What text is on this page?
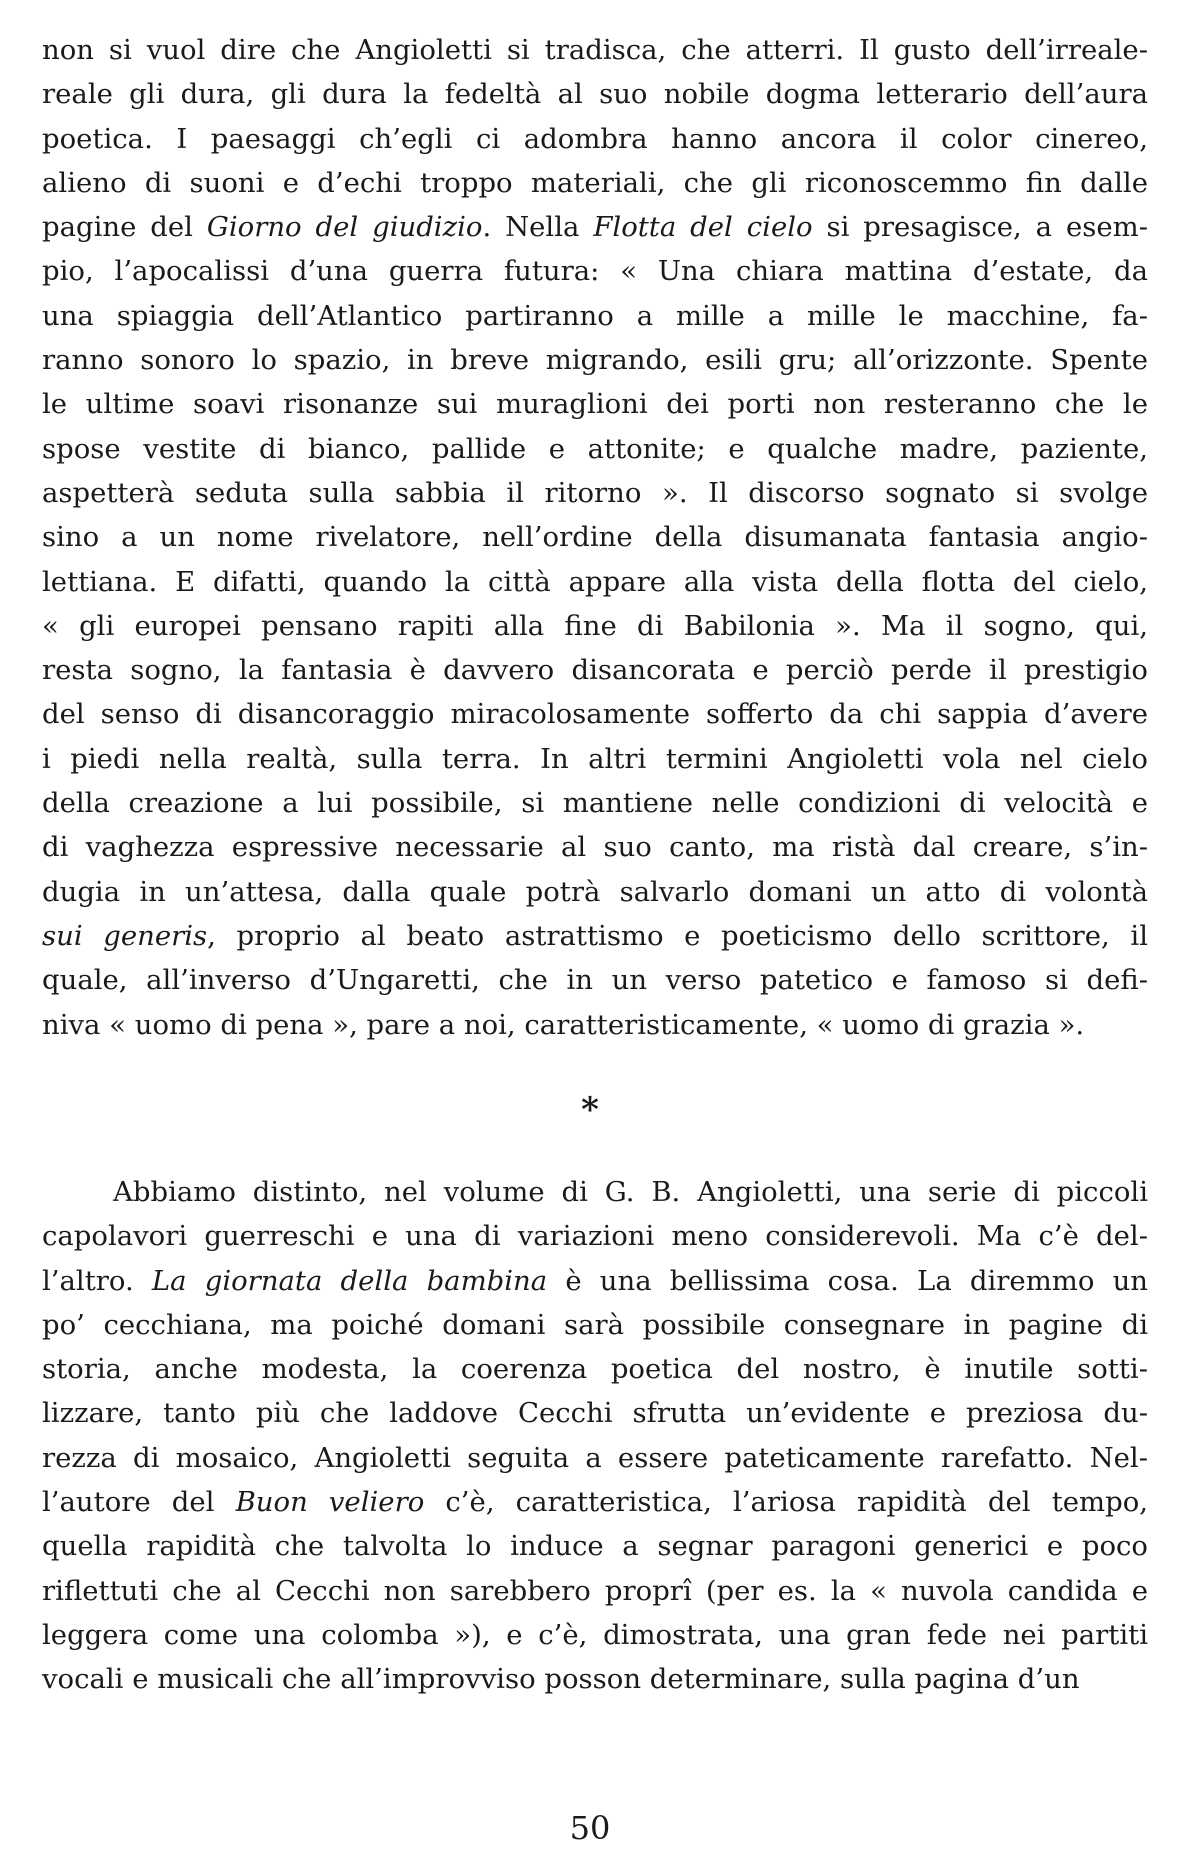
non si vuol dire che Angioletti si tradisca, che atterri. Il gusto dell’irreale-
reale gli dura, gli dura la fedeltà al suo nobile dogma letterario dell’aura
poetica. I paesaggi ch’egli ci adombra hanno ancora il color cinereo,
alieno di suoni e d’echi troppo materiali, che gli riconoscemmo fin dalle
pagine del Giorno del giudizio. Nella Flotta del cielo si presagisce, a esem-
pio, l’apocalissi d’una guerra futura: « Una chiara mattina d’estate, da
una spiaggia dell’Atlantico partiranno a mille a mille le macchine, fa-
ranno sonoro lo spazio, in breve migrando, esili gru; all’orizzonte. Spente
le ultime soavi risonanze sui muraglioni dei porti non resteranno che le
spose vestite di bianco, pallide e attonite; e qualche madre, paziente,
aspetterà seduta sulla sabbia il ritorno ». Il discorso sognato si svolge
sino a un nome rivelatore, nell’ordine della disumanata fantasia angio-
lettiana. E difatti, quando la città appare alla vista della flotta del cielo,
« gli europei pensano rapiti alla fine di Babilonia ». Ma il sogno, qui,
resta sogno, la fantasia è davvero disancorata e perciò perde il prestigio
del senso di disancoraggio miracolosamente sofferto da chi sappia d’avere
i piedi nella realtà, sulla terra. In altri termini Angioletti vola nel cielo
della creazione a lui possibile, si mantiene nelle condizioni di velocità e
di vaghezza espressive necessarie al suo canto, ma ristà dal creare, s’in-
dugia in un’attesa, dalla quale potrà salvarlo domani un atto di volontà
sui generis, proprio al beato astrattismo e poeticismo dello scrittore, il
quale, all’inverso d’Ungaretti, che in un verso patetico e famoso si defi-
niva « uomo di pena », pare a noi, caratteristicamente, « uomo di grazia ».
*
Abbiamo distinto, nel volume di G. B. Angioletti, una serie di piccoli
capolavori guerreschi e una di variazioni meno considerevoli. Ma c’è del-
l’altro. La giornata della bambina è una bellissima cosa. La diremmo un
po’ cecchiana, ma poiché domani sarà possibile consegnare in pagine di
storia, anche modesta, la coerenza poetica del nostro, è inutile sotti-
lizzare, tanto più che laddove Cecchi sfrutta un’evidente e preziosa du-
rezza di mosaico, Angioletti seguita a essere pateticamente rarefatto. Nel-
l’autore del Buon veliero c’è, caratteristica, l’ariosa rapidità del tempo,
quella rapidità che talvolta lo induce a segnar paragoni generici e poco
riflettuti che al Cecchi non sarebbero proprî (per es. la « nuvola candida e
leggera come una colomba »), e c’è, dimostrata, una gran fede nei partiti
vocali e musicali che all’improvviso posson determinare, sulla pagina d’un
50
